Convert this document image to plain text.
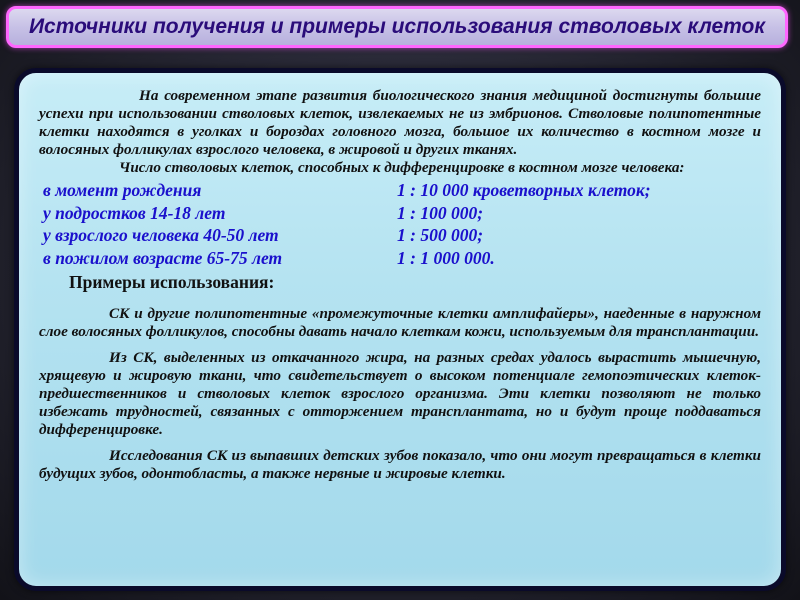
Источники получения и примеры использования стволовых клеток

На современном этапе развития биологического знания медициной достигнуты большие успехи при использовании стволовых клеток, извлекаемых не из эмбрионов. Стволовые полипотентные клетки находятся в уголках и бороздах головного мозга, большое их количество в костном мозге и волосяных фолликулах взрослого человека, в жировой и других тканях.

Число стволовых клеток, способных к дифференцировке в костном мозге человека:

в момент рождения	1 : 10 000 кроветворных клеток;
у подростков 14-18 лет	1 : 100 000;
у взрослого человека 40-50 лет	1 : 500 000;
в пожилом возрасте 65-75 лет	1 : 1 000 000.
Примеры использования:

СК и другие полипотентные «промежуточные клетки амплифайеры», наеденные в наружном слое волосяных фолликулов, способны давать начало клеткам кожи, используемым для трансплантации.

Из СК, выделенных из откачанного жира, на разных средах удалось вырастить мышечную, хрящевую и жировую ткани, что свидетельствует о высоком потенциале гемопоэтических клеток-предшественников и стволовых клеток взрослого организма. Эти клетки позволяют не только избежать трудностей, связанных с отторжением трансплантата, но и будут проще поддаваться дифференцировке.

Исследования СК из выпавших детских зубов показало, что они могут превращаться в клетки будущих зубов, одонтобласты, а также нервные и жировые клетки.
